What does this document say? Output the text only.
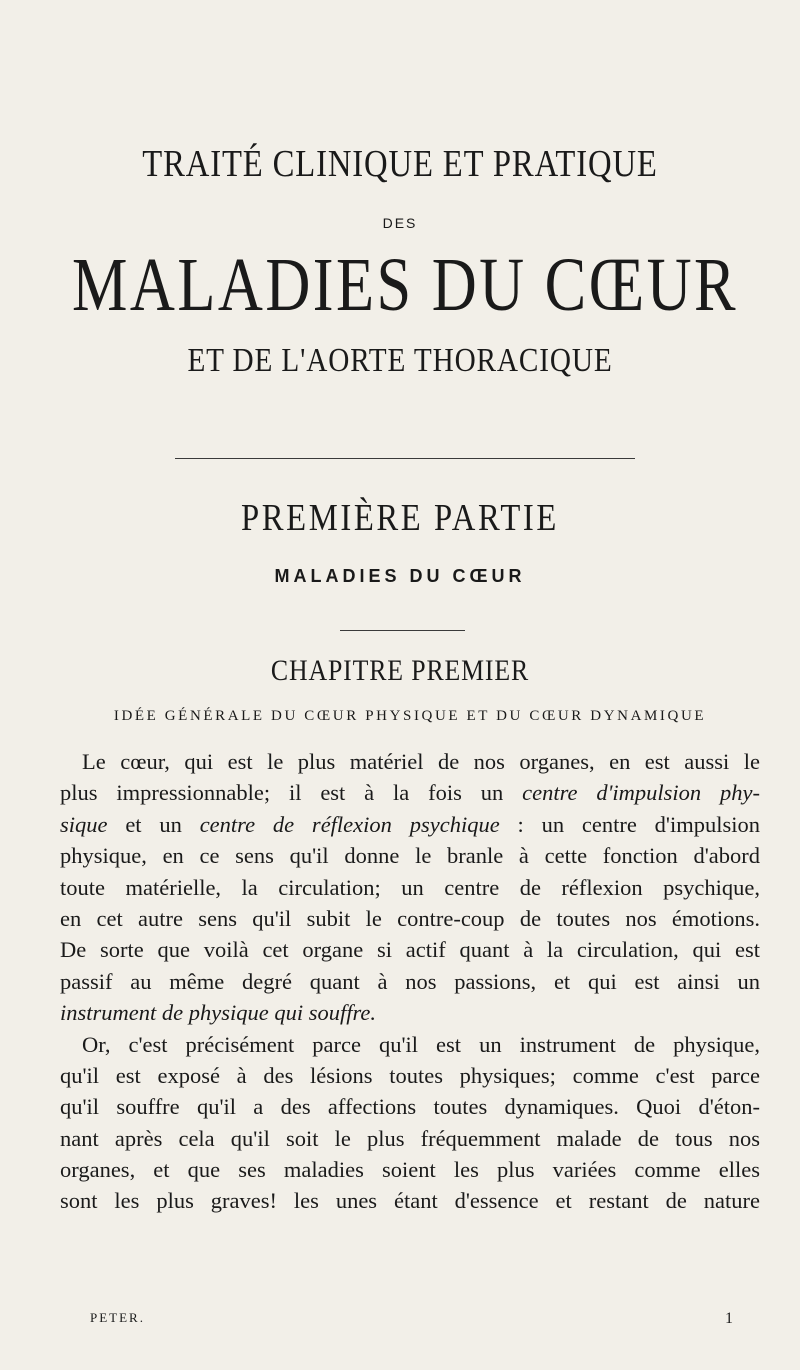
TRAITÉ CLINIQUE ET PRATIQUE
DES
MALADIES DU CŒUR
ET DE L'AORTE THORACIQUE
PREMIÈRE PARTIE
MALADIES DU CŒUR
CHAPITRE PREMIER
IDÉE GÉNÉRALE DU CŒUR PHYSIQUE ET DU CŒUR DYNAMIQUE
Le cœur, qui est le plus matériel de nos organes, en est aussi le
plus impressionnable; il est à la fois un centre d'impulsion phy-
sique et un centre de réflexion psychique : un centre d'impulsion
physique, en ce sens qu'il donne le branle à cette fonction d'abord
toute matérielle, la circulation; un centre de réflexion psychique,
en cet autre sens qu'il subit le contre-coup de toutes nos émotions.
De sorte que voilà cet organe si actif quant à la circulation, qui est
passif au même degré quant à nos passions, et qui est ainsi un
instrument de physique qui souffre.
Or, c'est précisément parce qu'il est un instrument de physique,
qu'il est exposé à des lésions toutes physiques; comme c'est parce
qu'il souffre qu'il a des affections toutes dynamiques. Quoi d'éton-
nant après cela qu'il soit le plus fréquemment malade de tous nos
organes, et que ses maladies soient les plus variées comme elles
sont les plus graves! les unes étant d'essence et restant de nature
PETER.	1
